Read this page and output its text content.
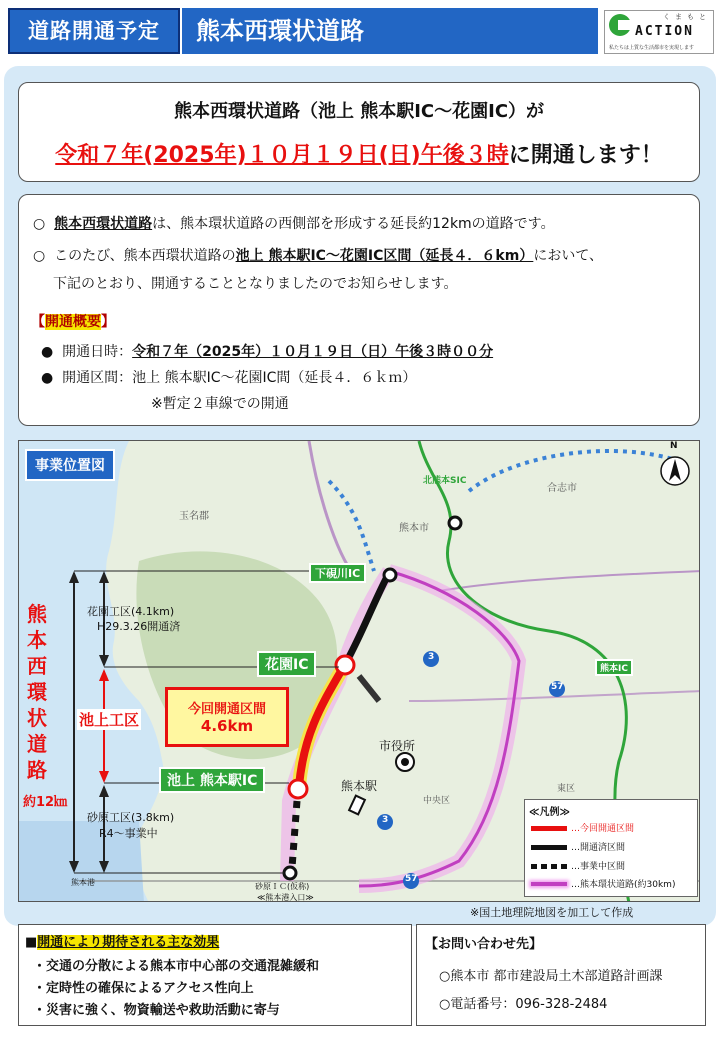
道路開通予定	熊本西環状道路	くまもと
ACTION
私たちは上質な生活都市を実現します
熊本西環状道路（池上 熊本駅IC～花園IC）が
令和７年(2025年)１０月１９日(日)午後３時に開通します！
○  熊本西環状道路は、熊本環状道路の西側部を形成する延長約12kmの道路です。
○  このたび、熊本西環状道路の池上 熊本駅IC～花園IC区間（延長４．６km）において、
下記のとおり、開通することとなりましたのでお知らせします。
【開通概要】
●  開通日時：令和７年（2025年）１０月１９日（日）午後３時００分
●  開通区間：池上 熊本駅IC～花園IC間（延長４．６ｋｍ）
※暫定２車線での開通
事業位置図
N
熊本西環状道路
約12㎞
花園工区(4.1km)
H29.3.26開通済
池上工区
砂原工区(3.8km)
R4～事業中
今回開通区間
4.6km
花園IC
池上 熊本駅IC
下硯川IC
熊本IC
市役所
熊本駅
熊本港	砂原ＩＣ(仮称)
≪熊本港入口≫
北熊本SIC
玉名郡
合志市
熊本市
東区
中央区
3
3
57
57
≪凡例≫
…今回開通区間
…開通済区間
…事業中区間
…熊本環状道路(約30km)
※国土地理院地図を加工して作成
■開通により期待される主な効果
・交通の分散による熊本市中心部の交通混雑緩和
・定時性の確保によるアクセス性向上
・災害に強く、物資輸送や救助活動に寄与
【お問い合わせ先】
○熊本市 都市建設局土木部道路計画課
○電話番号：096-328-2484
